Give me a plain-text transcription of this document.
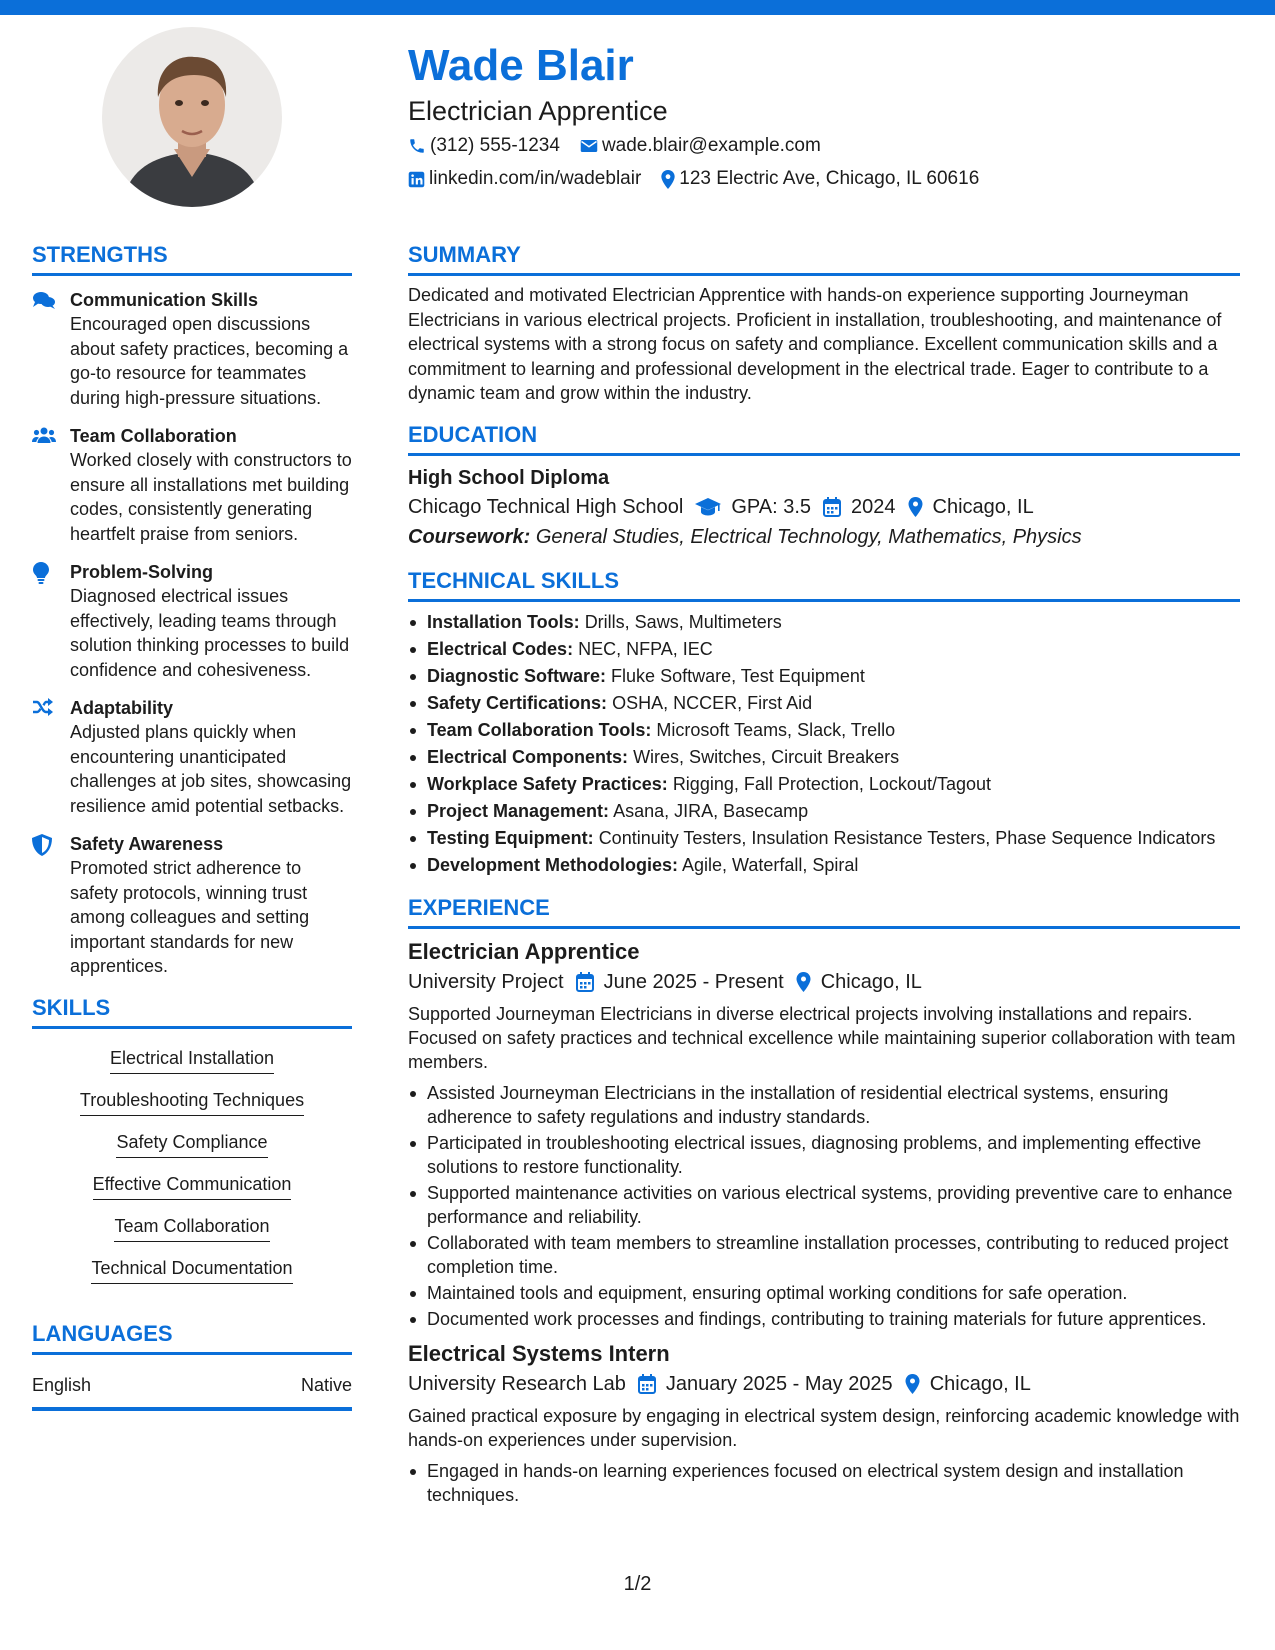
Wade Blair
Electrician Apprentice
(312) 555-1234 wade.blair@example.com
linkedin.com/in/wadeblair 123 Electric Ave, Chicago, IL 60616
STRENGTHS
Communication Skills
Encouraged open discussions about safety practices, becoming a go-to resource for teammates during high-pressure situations.
Team Collaboration
Worked closely with constructors to ensure all installations met building codes, consistently generating heartfelt praise from seniors.
Problem-Solving
Diagnosed electrical issues effectively, leading teams through solution thinking processes to build confidence and cohesiveness.
Adaptability
Adjusted plans quickly when encountering unanticipated challenges at job sites, showcasing resilience amid potential setbacks.
Safety Awareness
Promoted strict adherence to safety protocols, winning trust among colleagues and setting important standards for new apprentices.
SKILLS
Electrical Installation
Troubleshooting Techniques
Safety Compliance
Effective Communication
Team Collaboration
Technical Documentation
LANGUAGES
English	Native
SUMMARY
Dedicated and motivated Electrician Apprentice with hands-on experience supporting Journeyman Electricians in various electrical projects. Proficient in installation, troubleshooting, and maintenance of electrical systems with a strong focus on safety and compliance. Excellent communication skills and a commitment to learning and professional development in the electrical trade. Eager to contribute to a dynamic team and grow within the industry.
EDUCATION
High School Diploma
Chicago Technical High School GPA: 3.5 2024 Chicago, IL
Coursework: General Studies, Electrical Technology, Mathematics, Physics
TECHNICAL SKILLS
Installation Tools: Drills, Saws, Multimeters
Electrical Codes: NEC, NFPA, IEC
Diagnostic Software: Fluke Software, Test Equipment
Safety Certifications: OSHA, NCCER, First Aid
Team Collaboration Tools: Microsoft Teams, Slack, Trello
Electrical Components: Wires, Switches, Circuit Breakers
Workplace Safety Practices: Rigging, Fall Protection, Lockout/Tagout
Project Management: Asana, JIRA, Basecamp
Testing Equipment: Continuity Testers, Insulation Resistance Testers, Phase Sequence Indicators
Development Methodologies: Agile, Waterfall, Spiral
EXPERIENCE
Electrician Apprentice
University Project June 2025 - Present Chicago, IL
Supported Journeyman Electricians in diverse electrical projects involving installations and repairs. Focused on safety practices and technical excellence while maintaining superior collaboration with team members.
Assisted Journeyman Electricians in the installation of residential electrical systems, ensuring adherence to safety regulations and industry standards.
Participated in troubleshooting electrical issues, diagnosing problems, and implementing effective solutions to restore functionality.
Supported maintenance activities on various electrical systems, providing preventive care to enhance performance and reliability.
Collaborated with team members to streamline installation processes, contributing to reduced project completion time.
Maintained tools and equipment, ensuring optimal working conditions for safe operation.
Documented work processes and findings, contributing to training materials for future apprentices.
Electrical Systems Intern
University Research Lab January 2025 - May 2025 Chicago, IL
Gained practical exposure by engaging in electrical system design, reinforcing academic knowledge with hands-on experiences under supervision.
Engaged in hands-on learning experiences focused on electrical system design and installation techniques.
1/2
